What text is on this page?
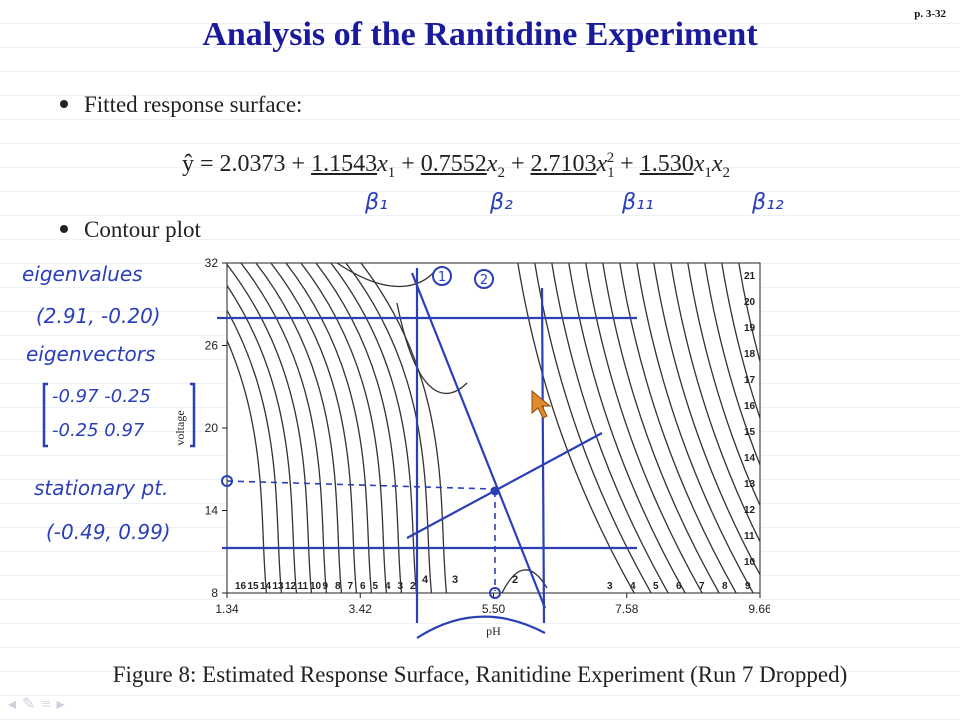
p. 3-32
Analysis of the Ranitidine Experiment
Fitted response surface:
ŷ = $2.0373 + 1.1543x_1 + 0.7552x_2 + 2.7103x_1^2 + 1.530x_1x_2$
β₁	β₂	β₁₁	β₁₂
Contour plot
eigenvalues
(2.91, -0.20)
eigenvectors
-0.97 -0.25
-0.25 0.97
stationary pt.
(-0.49, 0.99)
1.34	3.42	5.50	7.58	9.66
8
14
20
26
32
pH
voltage
16 15 14 13 12 11 10 9 8 7 6 5 4 3 2	3 4 5 6 7 8 9
21
20
19
18
17
16
15
14
13
12
11
10
4 3	2
1	2

Figure 8: Estimated Response Surface, Ranitidine Experiment (Run 7 Dropped)

◂✎≡▸
